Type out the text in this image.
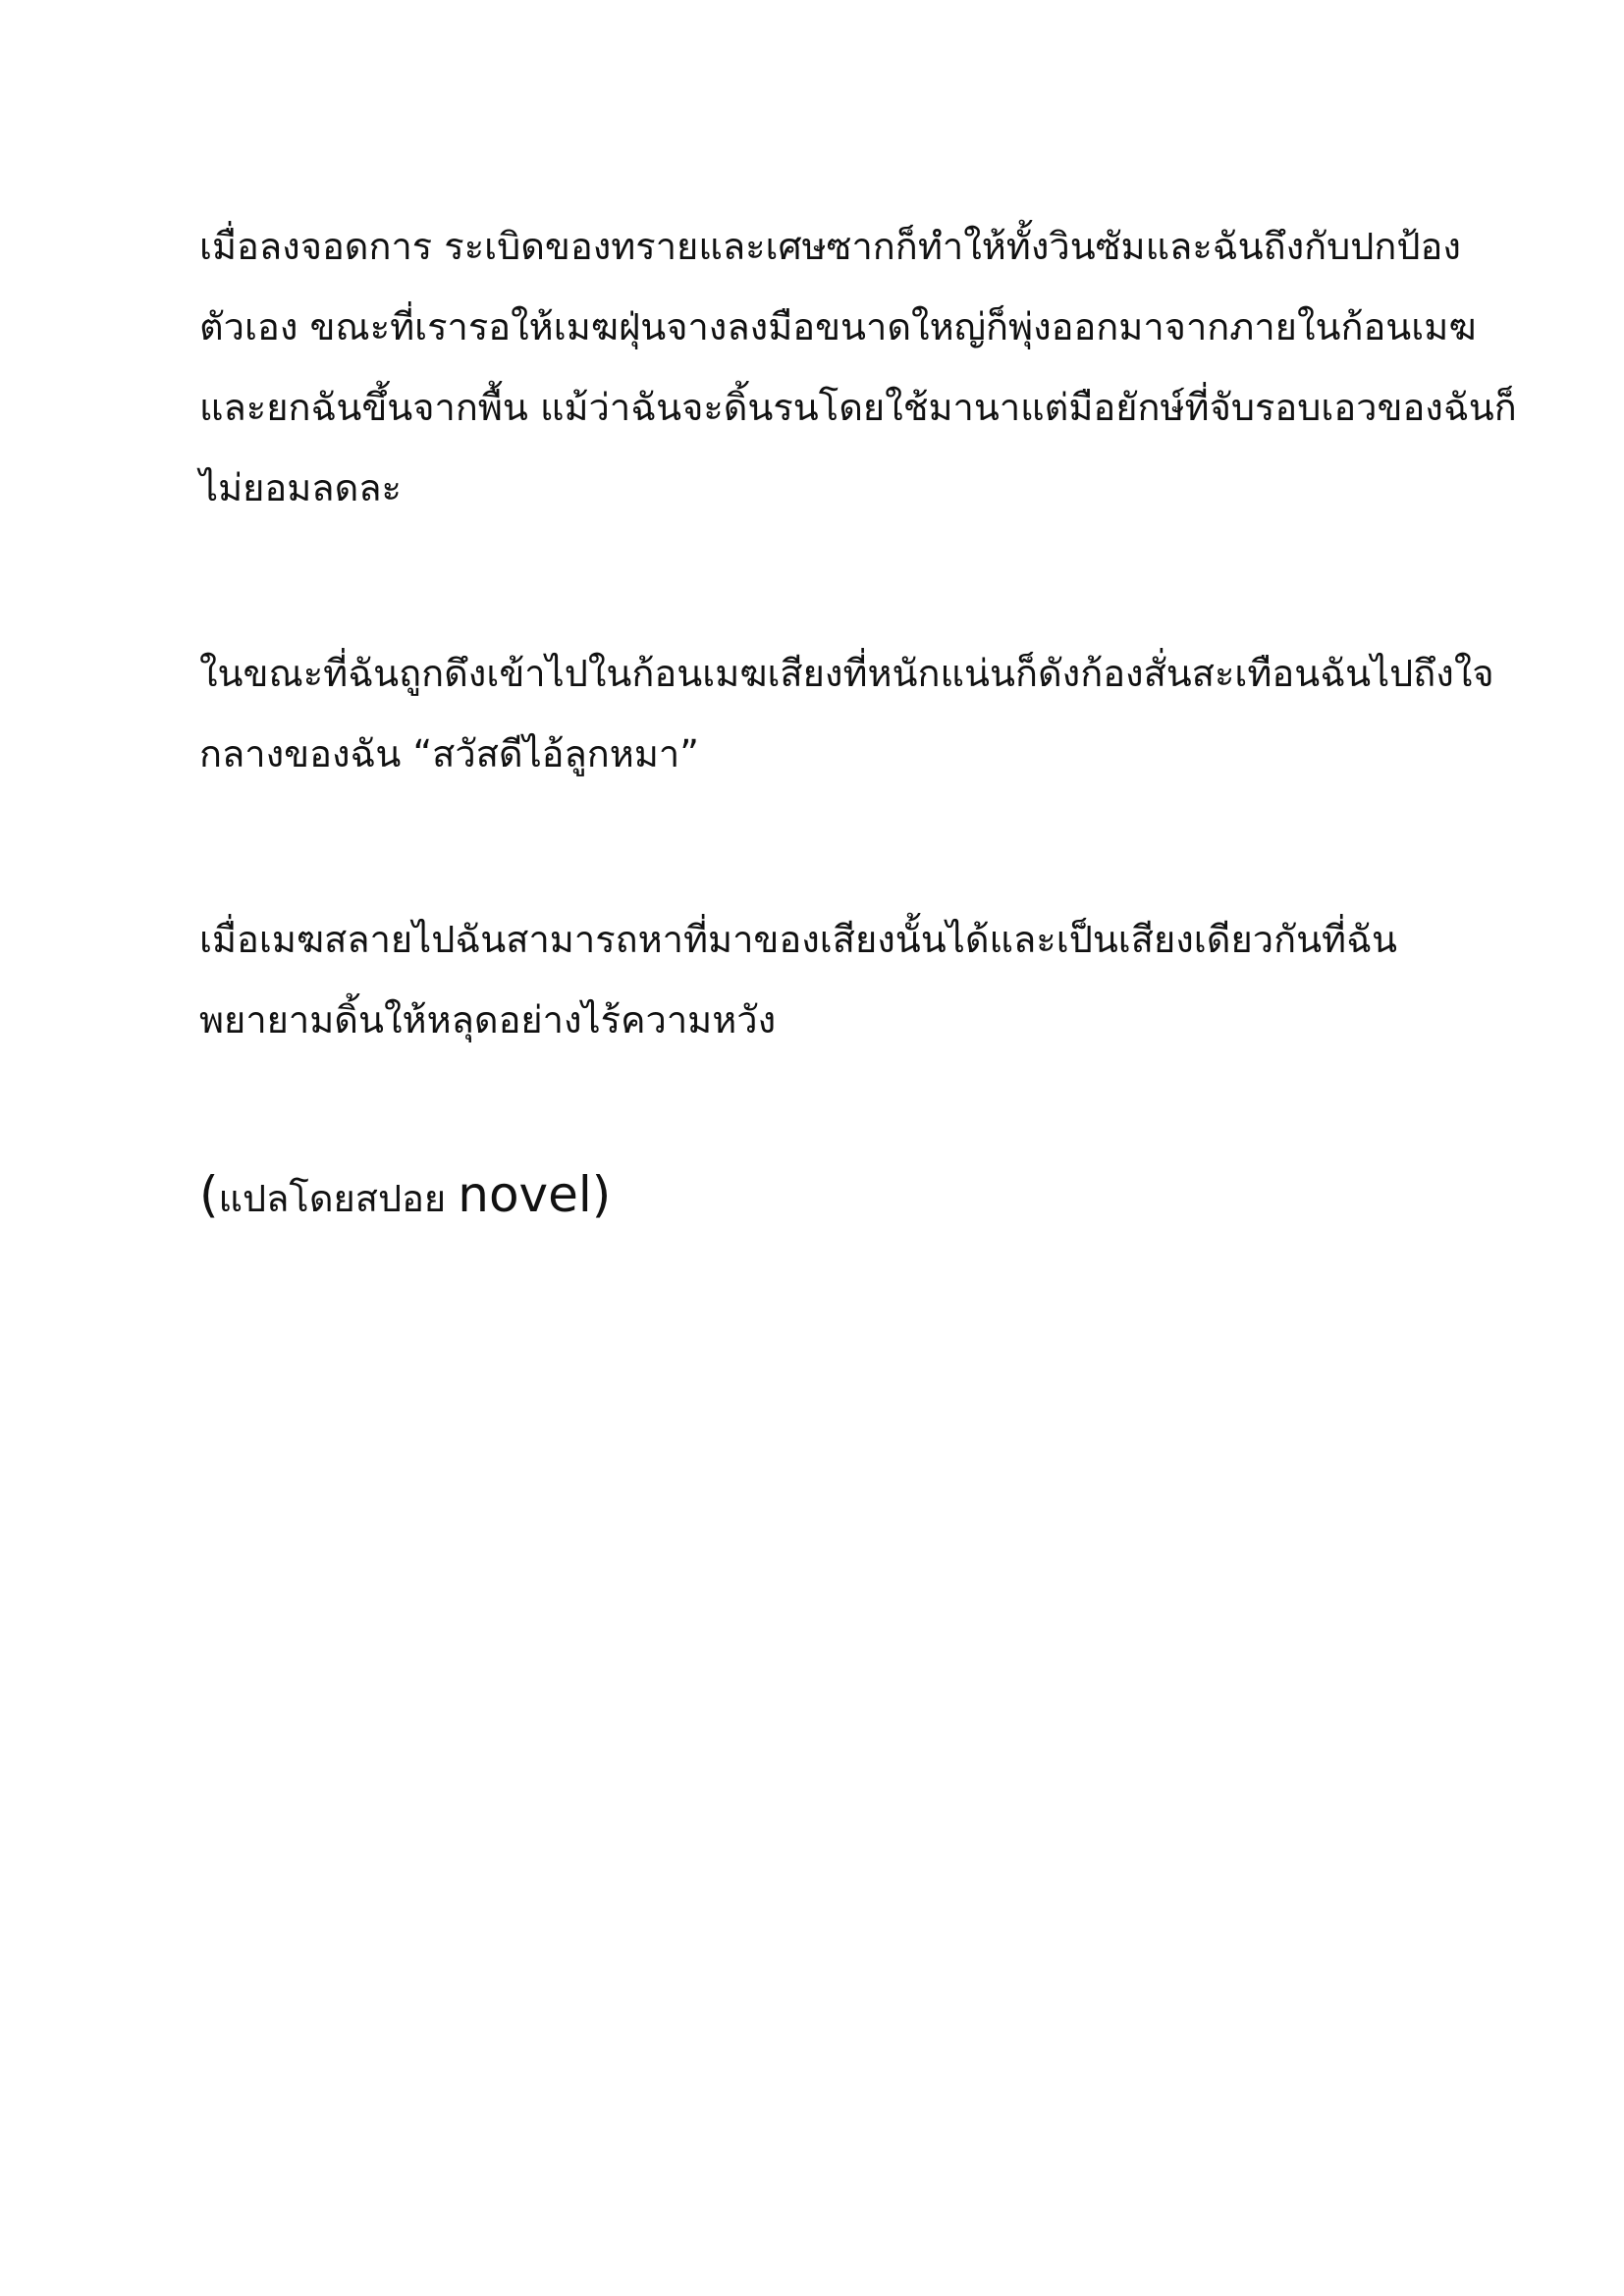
เมื่อลงจอดการ ระเบิดของทรายและเศษซากก็ทำให้ทั้งวินซัมและฉันถึงกับปกป้อง
ตัวเอง ขณะที่เรารอให้เมฆฝุ่นจางลงมือขนาดใหญ่ก็พุ่งออกมาจากภายในก้อนเมฆ
และยกฉันขึ้นจากพื้น แม้ว่าฉันจะดิ้นรนโดยใช้มานาแต่มือยักษ์ที่จับรอบเอวของฉันก็
ไม่ยอมลดละ

ในขณะที่ฉันถูกดึงเข้าไปในก้อนเมฆเสียงที่หนักแน่นก็ดังก้องสั่นสะเทือนฉันไปถึงใจ
กลางของฉัน “สวัสดีไอ้ลูกหมา”

เมื่อเมฆสลายไปฉันสามารถหาที่มาของเสียงนั้นได้และเป็นเสียงเดียวกันที่ฉัน
พยายามดิ้นให้หลุดอย่างไร้ความหวัง

(แปลโดยสปอย novel)
